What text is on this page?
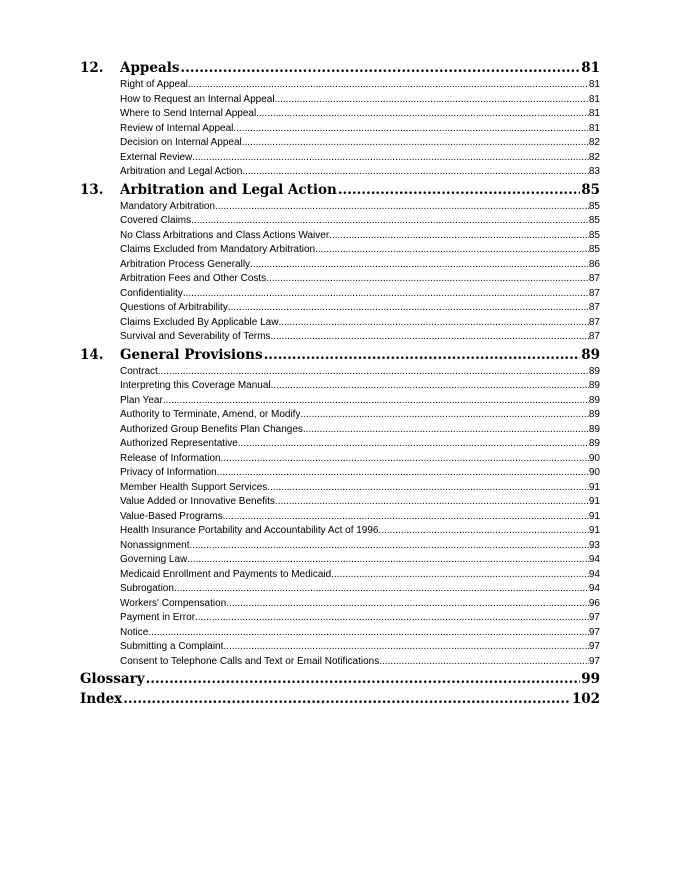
12.	Appeals .....	81
Right of Appeal .....	81
How to Request an Internal Appeal .....	81
Where to Send Internal Appeal .....	81
Review of Internal Appeal .....	81
Decision on Internal Appeal .....	82
External Review .....	82
Arbitration and Legal Action .....	83
13.	Arbitration and Legal Action .....	85
Mandatory Arbitration .....	85
Covered Claims .....	85
No Class Arbitrations and Class Actions Waiver .....	85
Claims Excluded from Mandatory Arbitration .....	85
Arbitration Process Generally .....	86
Arbitration Fees and Other Costs .....	87
Confidentiality .....	87
Questions of Arbitrability .....	87
Claims Excluded By Applicable Law .....	87
Survival and Severability of Terms .....	87
14.	General Provisions .....	89
Contract .....	89
Interpreting this Coverage Manual .....	89
Plan Year .....	89
Authority to Terminate, Amend, or Modify .....	89
Authorized Group Benefits Plan Changes .....	89
Authorized Representative .....	89
Release of Information .....	90
Privacy of Information .....	90
Member Health Support Services .....	91
Value Added or Innovative Benefits .....	91
Value-Based Programs .....	91
Health Insurance Portability and Accountability Act of 1996 .....	91
Nonassignment .....	93
Governing Law .....	94
Medicaid Enrollment and Payments to Medicaid .....	94
Subrogation .....	94
Workers' Compensation .....	96
Payment in Error .....	97
Notice .....	97
Submitting a Complaint .....	97
Consent to Telephone Calls and Text or Email Notifications .....	97
Glossary .....	99
Index .....	102
